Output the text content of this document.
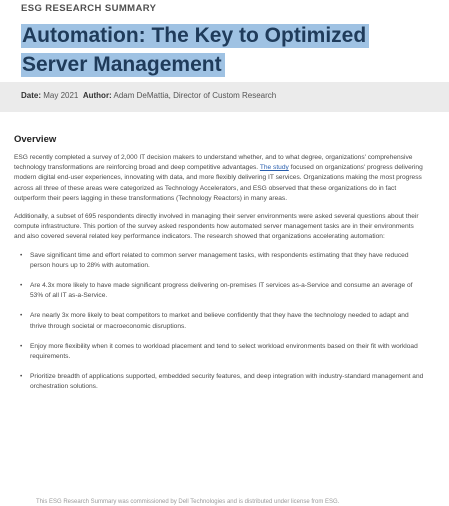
ESG RESEARCH SUMMARY
Automation: The Key to Optimized Server Management
Date: May 2021 Author: Adam DeMattia, Director of Custom Research
Overview

ESG recently completed a survey of 2,000 IT decision makers to understand whether, and to what degree, organizations' comprehensive technology transformations are reinforcing broad and deep competitive advantages. The study focused on organizations' progress delivering modern digital end-user experiences, innovating with data, and more flexibly delivering IT services. Organizations making the most progress across all three of these areas were categorized as Technology Accelerators, and ESG observed that these organizations do in fact outperform their peers lagging in these transformations (Technology Reactors) in many areas.

Additionally, a subset of 695 respondents directly involved in managing their server environments were asked several questions about their compute infrastructure. This portion of the survey asked respondents how automated server management tasks are in their environments and also covered several related key performance indicators. The research showed that organizations accelerating automation:

• Save significant time and effort related to common server management tasks, with respondents estimating that they have reduced person hours up to 28% with automation.
• Are 4.3x more likely to have made significant progress delivering on-premises IT services as-a-Service and consume an average of 53% of all IT as-a-Service.
• Are nearly 3x more likely to beat competitors to market and believe confidently that they have the technology needed to adapt and thrive through societal or macroeconomic disruptions.
• Enjoy more flexibility when it comes to workload placement and tend to select workload environments based on their fit with workload requirements.
• Prioritize breadth of applications supported, embedded security features, and deep integration with industry-standard management and orchestration solutions.
This ESG Research Summary was commissioned by Dell Technologies and is distributed under license from ESG.
